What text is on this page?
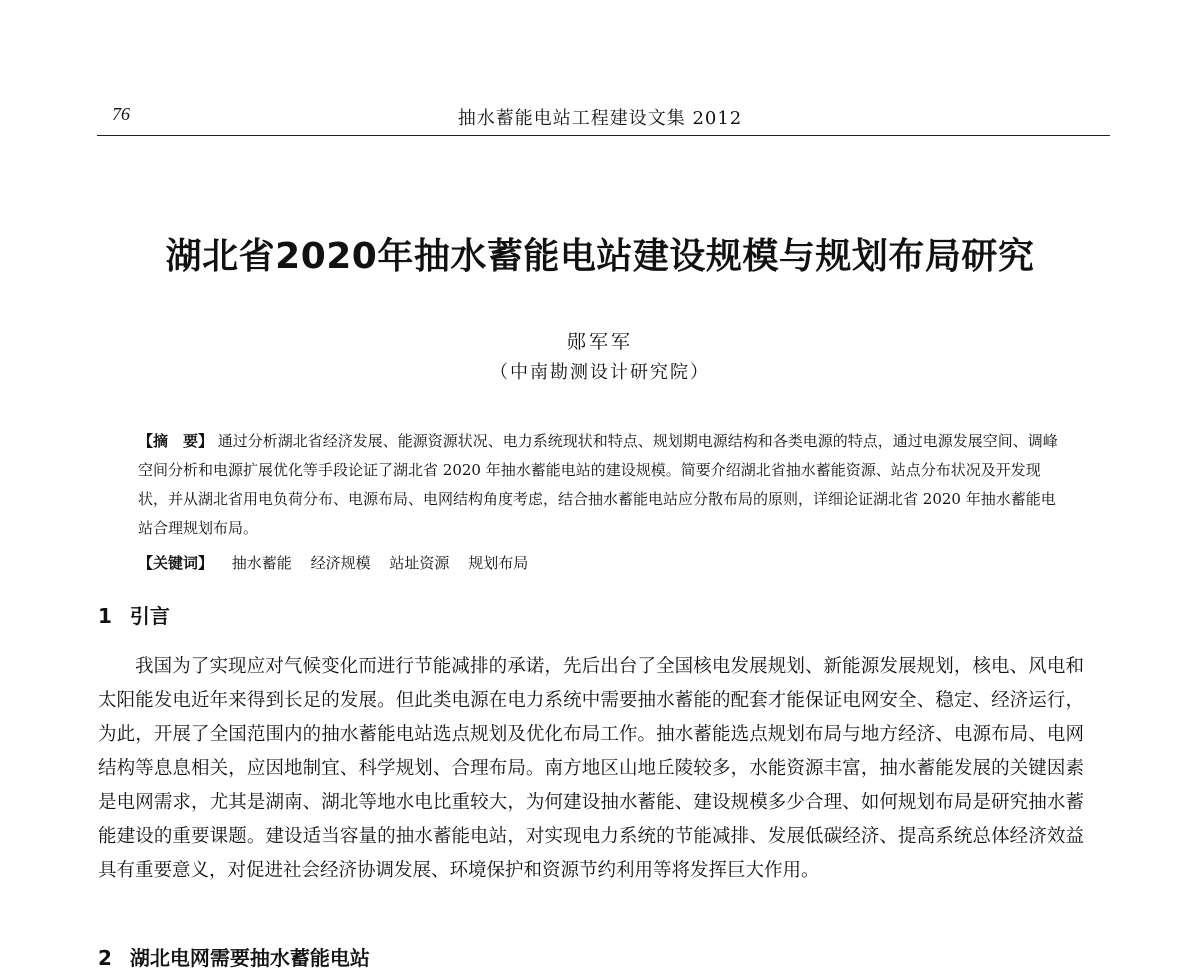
76	抽水蓄能电站工程建设文集 2012
湖北省2020年抽水蓄能电站建设规模与规划布局研究
郧军军
（中南勘测设计研究院）
【摘　要】 通过分析湖北省经济发展、能源资源状况、电力系统现状和特点、规划期电源结构和各类电源的特点，通过电源发展空间、调峰空间分析和电源扩展优化等手段论证了湖北省 2020 年抽水蓄能电站的建设规模。简要介绍湖北省抽水蓄能资源、站点分布状况及开发现状，并从湖北省用电负荷分布、电源布局、电网结构角度考虑，结合抽水蓄能电站应分散布局的原则，详细论证湖北省 2020 年抽水蓄能电站合理规划布局。
【关键词】 抽水蓄能 经济规模 站址资源 规划布局
1 引言
我国为了实现应对气候变化而进行节能减排的承诺，先后出台了全国核电发展规划、新能源发展规划，核电、风电和太阳能发电近年来得到长足的发展。但此类电源在电力系统中需要抽水蓄能的配套才能保证电网安全、稳定、经济运行，为此，开展了全国范围内的抽水蓄能电站选点规划及优化布局工作。抽水蓄能选点规划布局与地方经济、电源布局、电网结构等息息相关，应因地制宜、科学规划、合理布局。南方地区山地丘陵较多，水能资源丰富，抽水蓄能发展的关键因素是电网需求，尤其是湖南、湖北等地水电比重较大，为何建设抽水蓄能、建设规模多少合理、如何规划布局是研究抽水蓄能建设的重要课题。建设适当容量的抽水蓄能电站，对实现电力系统的节能减排、发展低碳经济、提高系统总体经济效益具有重要意义，对促进社会经济协调发展、环境保护和资源节约利用等将发挥巨大作用。
2 湖北电网需要抽水蓄能电站
